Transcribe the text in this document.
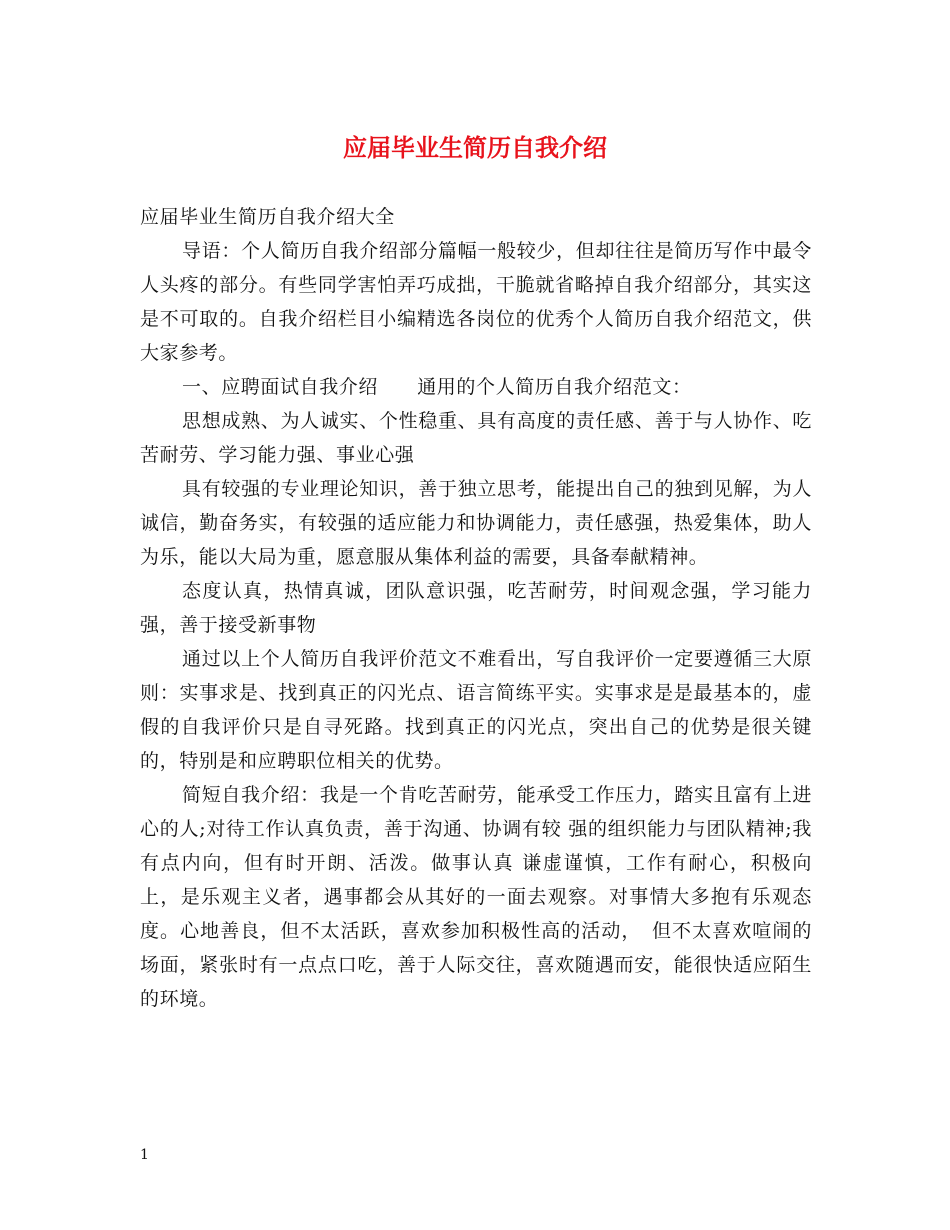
应届毕业生简历自我介绍

应届毕业生简历自我介绍大全

导语：个人简历自我介绍部分篇幅一般较少，但却往往是简历写作中最令人头疼的部分。有些同学害怕弄巧成拙，干脆就省略掉自我介绍部分，其实这是不可取的。自我介绍栏目小编精选各岗位的优秀个人简历自我介绍范文，供大家参考。

一、应聘面试自我介绍　　通用的个人简历自我介绍范文：

思想成熟、为人诚实、个性稳重、具有高度的责任感、善于与人协作、吃苦耐劳、学习能力强、事业心强

具有较强的专业理论知识，善于独立思考，能提出自己的独到见解，为人诚信，勤奋务实，有较强的适应能力和协调能力，责任感强，热爱集体，助人为乐，能以大局为重，愿意服从集体利益的需要，具备奉献精神。

态度认真，热情真诚，团队意识强，吃苦耐劳，时间观念强，学习能力强，善于接受新事物

通过以上个人简历自我评价范文不难看出，写自我评价一定要遵循三大原则：实事求是、找到真正的闪光点、语言简练平实。实事求是是最基本的，虚假的自我评价只是自寻死路。找到真正的闪光点，突出自己的优势是很关键的，特别是和应聘职位相关的优势。

简短自我介绍：我是一个肯吃苦耐劳，能承受工作压力，踏实且富有上进心的人;对待工作认真负责，善于沟通、协调有较 强的组织能力与团队精神;我有点内向，但有时开朗、活泼。做事认真 谦虚谨慎，工作有耐心，积极向上，是乐观主义者，遇事都会从其好的一面去观察。对事情大多抱有乐观态度。心地善良，但不太活跃，喜欢参加积极性高的活动，　但不太喜欢喧闹的场面，紧张时有一点点口吃，善于人际交往，喜欢随遇而安，能很快适应陌生的环境。

1
